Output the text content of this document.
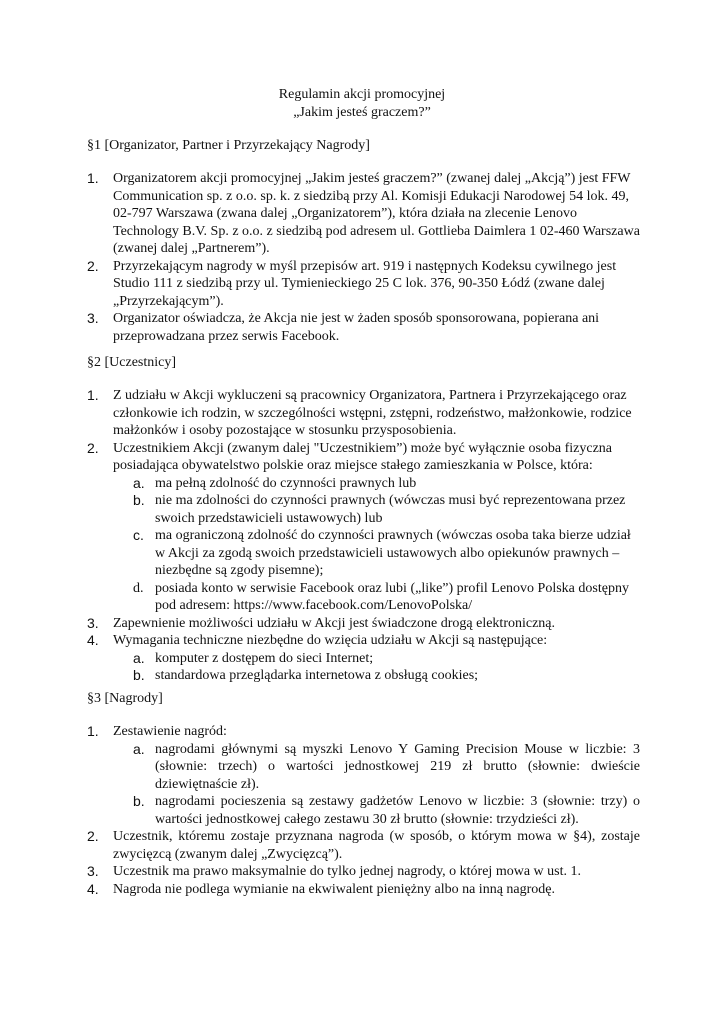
Regulamin akcji promocyjnej
„Jakim jesteś graczem?”
§1 [Organizator, Partner i Przyrzekający Nagrody]
1. Organizatorem akcji promocyjnej „Jakim jesteś graczem?” (zwanej dalej „Akcją”) jest FFW Communication sp. z o.o. sp. k. z siedzibą przy Al. Komisji Edukacji Narodowej 54 lok. 49, 02-797 Warszawa (zwana dalej „Organizatorem”), która działa na zlecenie Lenovo Technology B.V. Sp. z o.o. z siedzibą pod adresem ul. Gottlieba Daimlera 1 02-460 Warszawa (zwanej dalej „Partnerem”).
2. Przyrzekającym nagrody w myśl przepisów art. 919 i następnych Kodeksu cywilnego jest Studio 111 z siedzibą przy ul. Tymienieckiego 25 C lok. 376, 90-350 Łódź (zwane dalej „Przyrzekającym”).
3. Organizator oświadcza, że Akcja nie jest w żaden sposób sponsorowana, popierana ani przeprowadzana przez serwis Facebook.
§2 [Uczestnicy]
1. Z udziału w Akcji wykluczeni są pracownicy Organizatora, Partnera i Przyrzekającego oraz członkowie ich rodzin, w szczególności wstępni, zstępni, rodzeństwo, małżonkowie, rodzice małżonków i osoby pozostające w stosunku przysposobienia.
2. Uczestnikiem Akcji (zwanym dalej "Uczestnikiem”) może być wyłącznie osoba fizyczna posiadająca obywatelstwo polskie oraz miejsce stałego zamieszkania w Polsce, która:
a. ma pełną zdolność do czynności prawnych lub
b. nie ma zdolności do czynności prawnych (wówczas musi być reprezentowana przez swoich przedstawicieli ustawowych) lub
c. ma ograniczoną zdolność do czynności prawnych (wówczas osoba taka bierze udział w Akcji za zgodą swoich przedstawicieli ustawowych albo opiekunów prawnych – niezbędne są zgody pisemne);
d. posiada konto w serwisie Facebook oraz lubi („like”) profil Lenovo Polska dostępny pod adresem: https://www.facebook.com/LenovoPolska/
3. Zapewnienie możliwości udziału w Akcji jest świadczone drogą elektroniczną.
4. Wymagania techniczne niezbędne do wzięcia udziału w Akcji są następujące:
a. komputer z dostępem do sieci Internet;
b. standardowa przeglądarka internetowa z obsługą cookies;
§3 [Nagrody]
1. Zestawienie nagród:
a. nagrodami głównymi są myszki Lenovo Y Gaming Precision Mouse w liczbie: 3 (słownie: trzech) o wartości jednostkowej 219 zł brutto (słownie: dwieście dziewiętnaście zł).
b. nagrodami pocieszenia są zestawy gadżetów Lenovo w liczbie: 3 (słownie: trzy) o wartości jednostkowej całego zestawu 30 zł brutto (słownie: trzydzieści zł).
2. Uczestnik, któremu zostaje przyznana nagroda (w sposób, o którym mowa w §4), zostaje zwycięzcą (zwanym dalej „Zwycięzcą”).
3. Uczestnik ma prawo maksymalnie do tylko jednej nagrody, o której mowa w ust. 1.
4. Nagroda nie podlega wymianie na ekwiwalent pieniężny albo na inną nagrodę.
